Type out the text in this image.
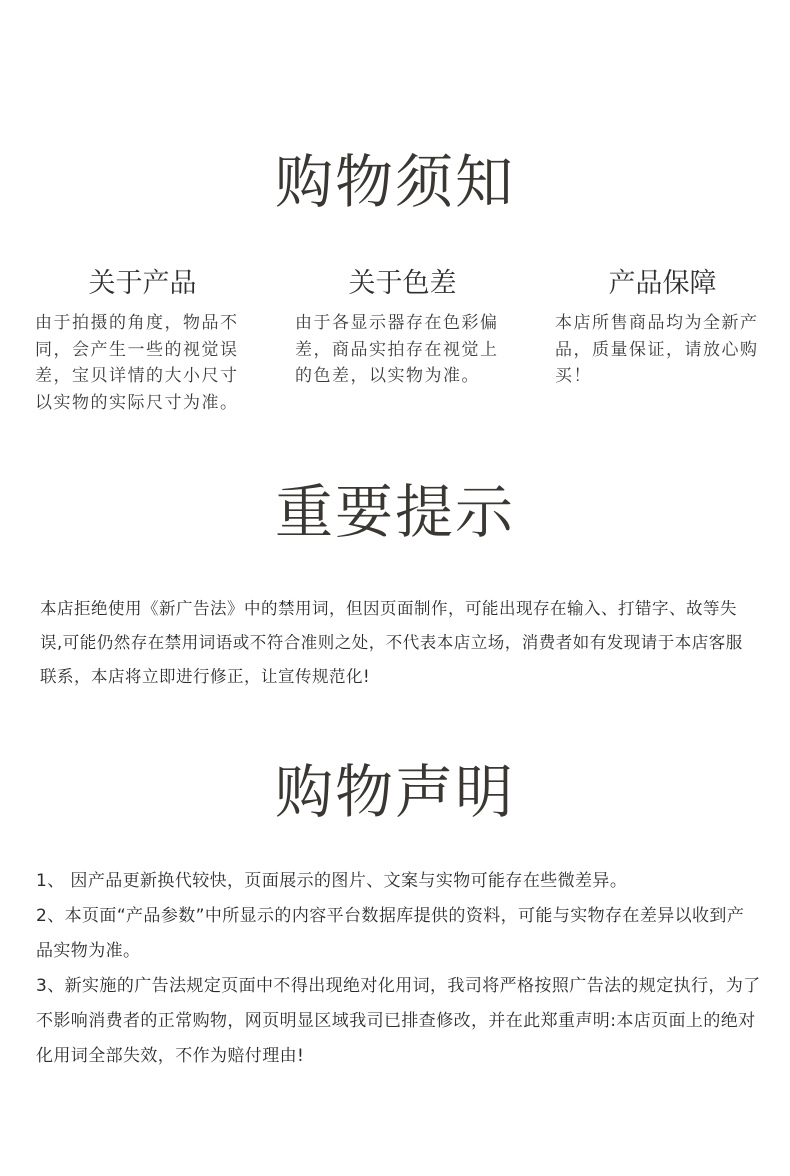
购物须知
关于产品
由于拍摄的角度，物品不同，会产生一些的视觉误差，宝贝详情的大小尺寸以实物的实际尺寸为准。
关于色差
由于各显示器存在色彩偏差，商品实拍存在视觉上的色差，以实物为准。
产品保障
本店所售商品均为全新产品，质量保证，请放心购买！
重要提示
本店拒绝使用《新广告法》中的禁用词，但因页面制作，可能出现存在输入、打错字、故等失误,可能仍然存在禁用词语或不符合准则之处，不代表本店立场，消费者如有发现请于本店客服联系，本店将立即进行修正，让宣传规范化!
购物声明
1、 因产品更新换代较快，页面展示的图片、文案与实物可能存在些微差异。
2、本页面“产品参数”中所显示的内容平台数据库提供的资料，可能与实物存在差异以收到产 品实物为准。
3、新实施的广告法规定页面中不得出现绝对化用词，我司将严格按照广告法的规定执行，为了不影响消费者的正常购物，网页明显区域我司已排查修改，并在此郑重声明:本店页面上的绝对化用词全部失效，不作为赔付理由!
